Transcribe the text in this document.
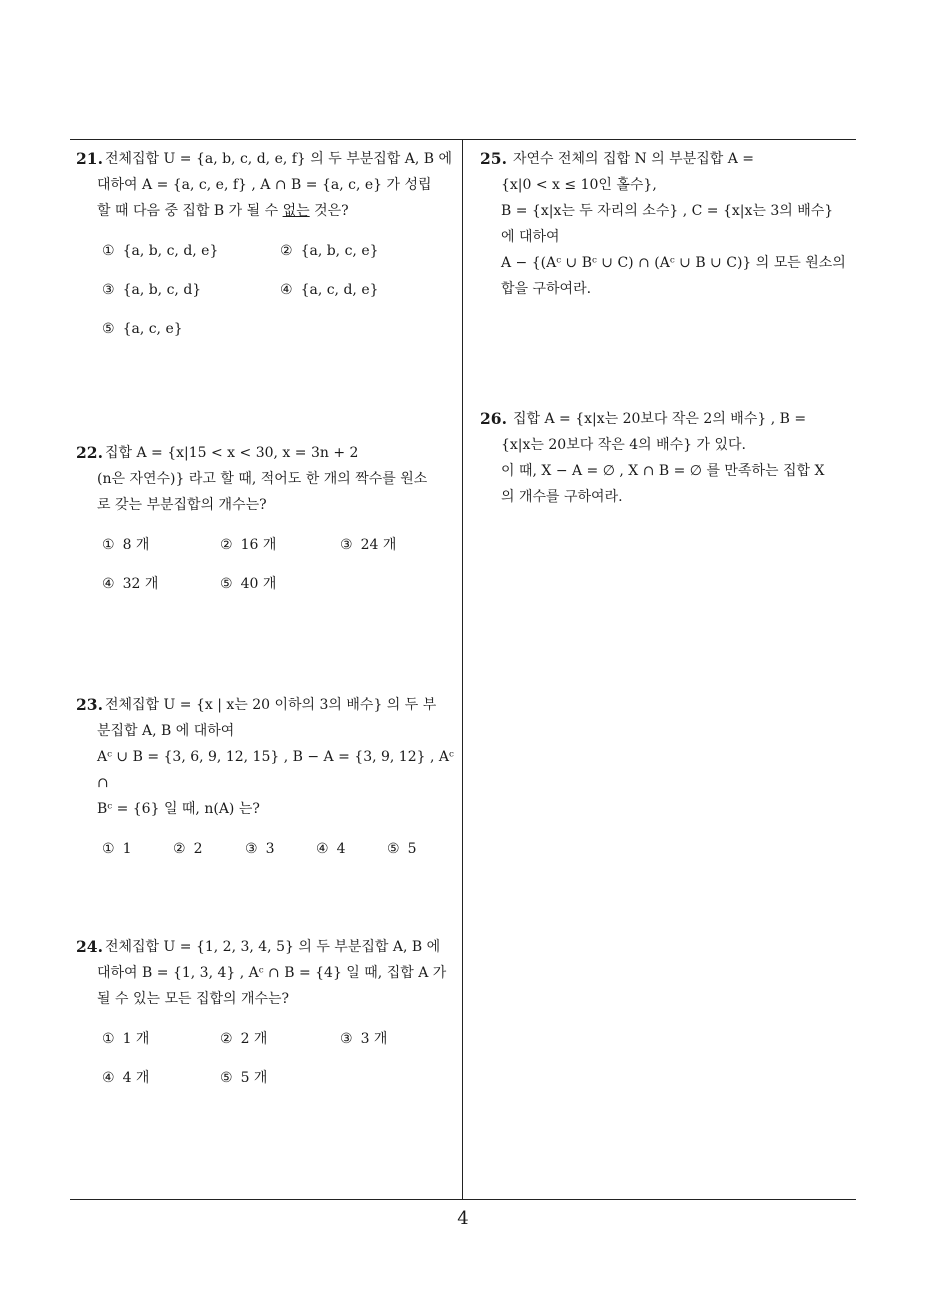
21. 전체집합 U = {a, b, c, d, e, f} 의 두 부분집합 A, B 에

대하여 A = {a, c, e, f} , A ∩ B = {a, c, e} 가 성립

할 때 다음 중 집합 B 가 될 수 없는 것은?

① {a, b, c, d, e}	② {a, b, c, e}
③ {a, b, c, d}	④ {a, c, d, e}
⑤ {a, c, e}
22. 집합 A = {x|15 < x < 30, x = 3n + 2

(n은 자연수)} 라고 할 때, 적어도 한 개의 짝수를 원소

로 갖는 부분집합의 개수는?

① 8 개	② 16 개	③ 24 개
④ 32 개	⑤ 40 개
23. 전체집합 U = {x | x는 20 이하의 3의 배수} 의 두 부

분집합 A, B 에 대하여

Aᶜ ∪ B = {3, 6, 9, 12, 15} , B − A = {3, 9, 12} , Aᶜ ∩

Bᶜ = {6} 일 때, n(A) 는?

① 1	② 2	③ 3	④ 4	⑤ 5
24. 전체집합 U = {1, 2, 3, 4, 5} 의 두 부분집합 A, B 에

대하여 B = {1, 3, 4} , Aᶜ ∩ B = {4} 일 때, 집합 A 가

될 수 있는 모든 집합의 개수는?

① 1 개	② 2 개	③ 3 개
④ 4 개	⑤ 5 개
25. 자연수 전체의 집합 N 의 부분집합 A =

{x|0 < x ≤ 10인 홀수},

B = {x|x는 두 자리의 소수} , C = {x|x는 3의 배수}

에 대하여

A − {(Aᶜ ∪ Bᶜ ∪ C) ∩ (Aᶜ ∪ B ∪ C)} 의 모든 원소의

합을 구하여라.

26. 집합 A = {x|x는 20보다 작은 2의 배수} , B =

{x|x는 20보다 작은 4의 배수} 가 있다.

이 때, X − A = ∅ , X ∩ B = ∅ 를 만족하는 집합 X

의 개수를 구하여라.

4
